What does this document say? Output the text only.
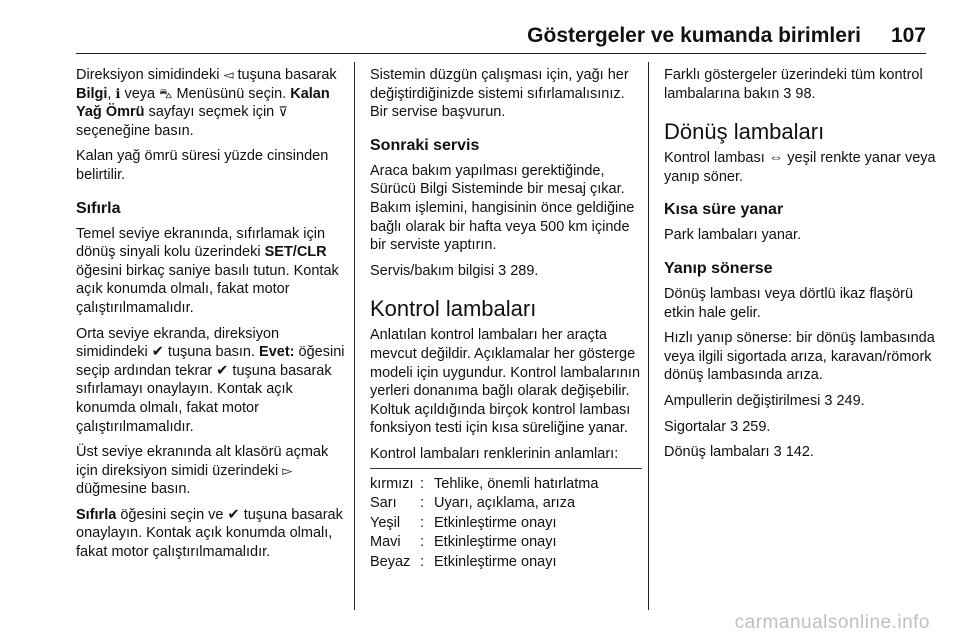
Göstergeler ve kumanda birimleri 107

Direksiyon simidindeki ◅ tuşuna basarak Bilgi, ℹ veya ⛍ Menüsünü seçin. Kalan Yağ Ömrü sayfayı seçmek için ⊽ seçeneğine basın.

Kalan yağ ömrü süresi yüzde cinsinden belirtilir.

Sıfırla

Temel seviye ekranında, sıfırlamak için dönüş sinyali kolu üzerindeki SET/CLR öğesini birkaç saniye basılı tutun. Kontak açık konumda olmalı, fakat motor çalıştırılmamalıdır.

Orta seviye ekranda, direksiyon simidindeki ✔ tuşuna basın. Evet: öğesini seçip ardından tekrar ✔ tuşuna basarak sıfırlamayı onaylayın. Kontak açık konumda olmalı, fakat motor çalıştırılmamalıdır.

Üst seviye ekranında alt klasörü açmak için direksiyon simidi üzerindeki ▻ düğmesine basın.

Sıfırla öğesini seçin ve ✔ tuşuna basarak onaylayın. Kontak açık konumda olmalı, fakat motor çalıştırılmamalıdır.

Sistemin düzgün çalışması için, yağı her değiştirdiğinizde sistemi sıfırlamalısınız. Bir servise başvurun.

Sonraki servis

Araca bakım yapılması gerektiğinde, Sürücü Bilgi Sisteminde bir mesaj çıkar. Bakım işlemini, hangisinin önce geldiğine bağlı olarak bir hafta veya 500 km içinde bir serviste yaptırın.

Servis/bakım bilgisi 3 289.

Kontrol lambaları

Anlatılan kontrol lambaları her araçta mevcut değildir. Açıklamalar her gösterge modeli için uygundur. Kontrol lambalarının yerleri donanıma bağlı olarak değişebilir. Koltuk açıldığında birçok kontrol lambası fonksiyon testi için kısa süreliğine yanar.

Kontrol lambaları renklerinin anlamları:

kırmızı	:	Tehlike, önemli hatırlatma
Sarı	:	Uyarı, açıklama, arıza
Yeşil	:	Etkinleştirme onayı
Mavi	:	Etkinleştirme onayı
Beyaz	:	Etkinleştirme onayı

Farklı göstergeler üzerindeki tüm kontrol lambalarına bakın 3 98.

Dönüş lambaları

Kontrol lambası ⇔ yeşil renkte yanar veya yanıp söner.

Kısa süre yanar

Park lambaları yanar.

Yanıp sönerse

Dönüş lambası veya dörtlü ikaz flaşörü etkin hale gelir.

Hızlı yanıp sönerse: bir dönüş lambasında veya ilgili sigortada arıza, karavan/römork dönüş lambasında arıza.

Ampullerin değiştirilmesi 3 249.

Sigortalar 3 259.

Dönüş lambaları 3 142.

carmanualsonline.info
